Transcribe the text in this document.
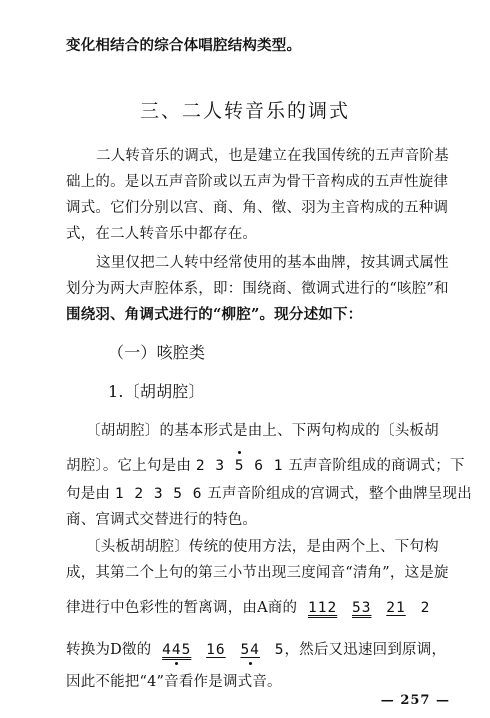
变化相结合的综合体唱腔结构类型。
三、二人转音乐的调式
二人转音乐的调式，也是建立在我国传统的五声音阶基
础上的。是以五声音阶或以五声为骨干音构成的五声性旋律
调式。它们分别以宫、商、角、徵、羽为主音构成的五种调
式，在二人转音乐中都存在。
这里仅把二人转中经常使用的基本曲牌，按其调式属性
划分为两大声腔体系，即：围绕商、徵调式进行的“咳腔”和
围绕羽、角调式进行的“柳腔”。现分述如下：
（一）咳腔类
1.〔胡胡腔〕
〔胡胡腔〕的基本形式是由上、下两句构成的〔头板胡
胡腔〕。它上句是由 2 3 5 6 1 五声音阶组成的商调式；下
句是由 1 2 3 5 6 五声音阶组成的宫调式，整个曲牌呈现出
商、宫调式交替进行的特色。
〔头板胡胡腔〕传统的使用方法，是由两个上、下句构
成，其第二个上句的第三小节出现三度闻音“清角”，这是旋
律进行中色彩性的暂离调，由A商的 112 53 21 2
转换为D徵的 445 16 54 5，然后又迅速回到原调，
因此不能把“4”音看作是调式音。
— 257 —
